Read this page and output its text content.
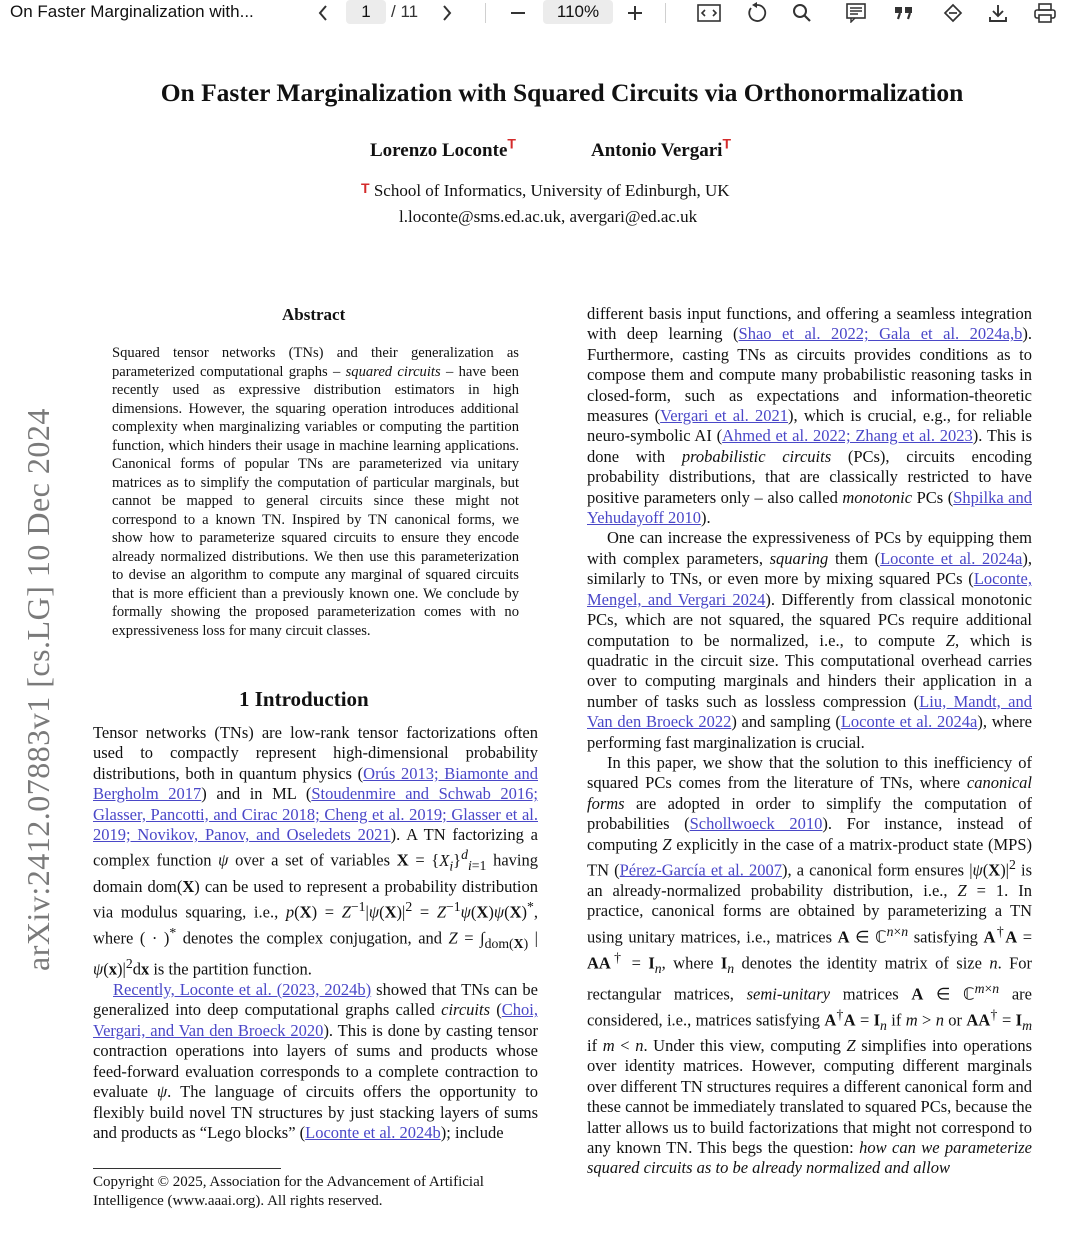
On Faster Marginalization with...	1	/ 11	110%
On Faster Marginalization with Squared Circuits via Orthonormalization
Lorenzo Loconte$^T$	Antonio Vergari$^T$
$^T$ School of Informatics, University of Edinburgh, UK
l.loconte@sms.ed.ac.uk, avergari@ed.ac.uk
arXiv:2412.07883v1 [cs.LG] 10 Dec 2024
Abstract
Squared tensor networks (TNs) and their generalization as parameterized computational graphs – squared circuits – have been recently used as expressive distribution estimators in high dimensions. However, the squaring operation introduces additional complexity when marginalizing variables or computing the partition function, which hinders their usage in machine learning applications. Canonical forms of popular TNs are parameterized via unitary matrices as to simplify the computation of particular marginals, but cannot be mapped to general circuits since these might not correspond to a known TN. Inspired by TN canonical forms, we show how to parameterize squared circuits to ensure they encode already normalized distributions. We then use this parameterization to devise an algorithm to compute any marginal of squared circuits that is more efficient than a previously known one. We conclude by formally showing the proposed parameterization comes with no expressiveness loss for many circuit classes.
1 Introduction

Tensor networks (TNs) are low-rank tensor factorizations often used to compactly represent high-dimensional probability distributions, both in quantum physics (Orús 2013; Biamonte and Bergholm 2017) and in ML (Stoudenmire and Schwab 2016; Glasser, Pancotti, and Cirac 2018; Cheng et al. 2019; Glasser et al. 2019; Novikov, Panov, and Oseledets 2021). A TN factorizing a complex function ψ over a set of variables $X = \{X_i\}^d_{i=1}$ having domain dom(X) can be used to represent a probability distribution via modulus squaring, i.e., $p(X) = Z^{-1}|\psi(X)|^2 = Z^{-1}\psi(X)\psi(X)^*$, where ( · )* denotes the complex conjugation, and $Z = \int_{dom(X)}$ $|\psi(x)|^2dx$ is the partition function.

Recently, Loconte et al. (2023, 2024b) showed that TNs can be generalized into deep computational graphs called circuits (Choi, Vergari, and Van den Broeck 2020). This is done by casting tensor contraction operations into layers of sums and products whose feed-forward evaluation corresponds to a complete contraction to evaluate ψ. The language of circuits offers the opportunity to flexibly build novel TN structures by just stacking layers of sums and products as “Lego blocks” (Loconte et al. 2024b); include

Copyright © 2025, Association for the Advancement of Artificial Intelligence (www.aaai.org). All rights reserved.

different basis input functions, and offering a seamless integration with deep learning (Shao et al. 2022; Gala et al. 2024a,b). Furthermore, casting TNs as circuits provides conditions as to compose them and compute many probabilistic reasoning tasks in closed-form, such as expectations and information-theoretic measures (Vergari et al. 2021), which is crucial, e.g., for reliable neuro-symbolic AI (Ahmed et al. 2022; Zhang et al. 2023). This is done with probabilistic circuits (PCs), circuits encoding probability distributions, that are classically restricted to have positive parameters only – also called monotonic PCs (Shpilka and Yehudayoff 2010).

One can increase the expressiveness of PCs by equipping them with complex parameters, squaring them (Loconte et al. 2024a), similarly to TNs, or even more by mixing squared PCs (Loconte, Mengel, and Vergari 2024). Differently from classical monotonic PCs, which are not squared, the squared PCs require additional computation to be normalized, i.e., to compute Z, which is quadratic in the circuit size. This computational overhead carries over to computing marginals and hinders their application in a number of tasks such as lossless compression (Liu, Mandt, and Van den Broeck 2022) and sampling (Loconte et al. 2024a), where performing fast marginalization is crucial.

In this paper, we show that the solution to this inefficiency of squared PCs comes from the literature of TNs, where canonical forms are adopted in order to simplify the computation of probabilities (Schollwoeck 2010). For instance, instead of computing Z explicitly in the case of a matrix-product state (MPS) TN (Pérez-García et al. 2007), a canonical form ensures $|\psi(X)|^2$ is an already-normalized probability distribution, i.e., Z = 1. In practice, canonical forms are obtained by parameterizing a TN using unitary matrices, i.e., matrices A ∈ ℂ$^{n\times n}$ satisfying $A^\dagger A = AA^\dagger = I_n$, where $I_n$ denotes the identity matrix of size n. For rectangular matrices, semi-unitary matrices A ∈ ℂ$^{m\times n}$ are considered, i.e., matrices satisfying $A^\dagger A = I_n$ if m > n or $AA^\dagger = I_m$ if m < n. Under this view, computing Z simplifies into operations over identity matrices. However, computing different marginals over different TN structures requires a different canonical form and these cannot be immediately translated to squared PCs, because the latter allows us to build factorizations that might not correspond to any known TN. This begs the question: how can we parameterize squared circuits as to be already normalized and allow
